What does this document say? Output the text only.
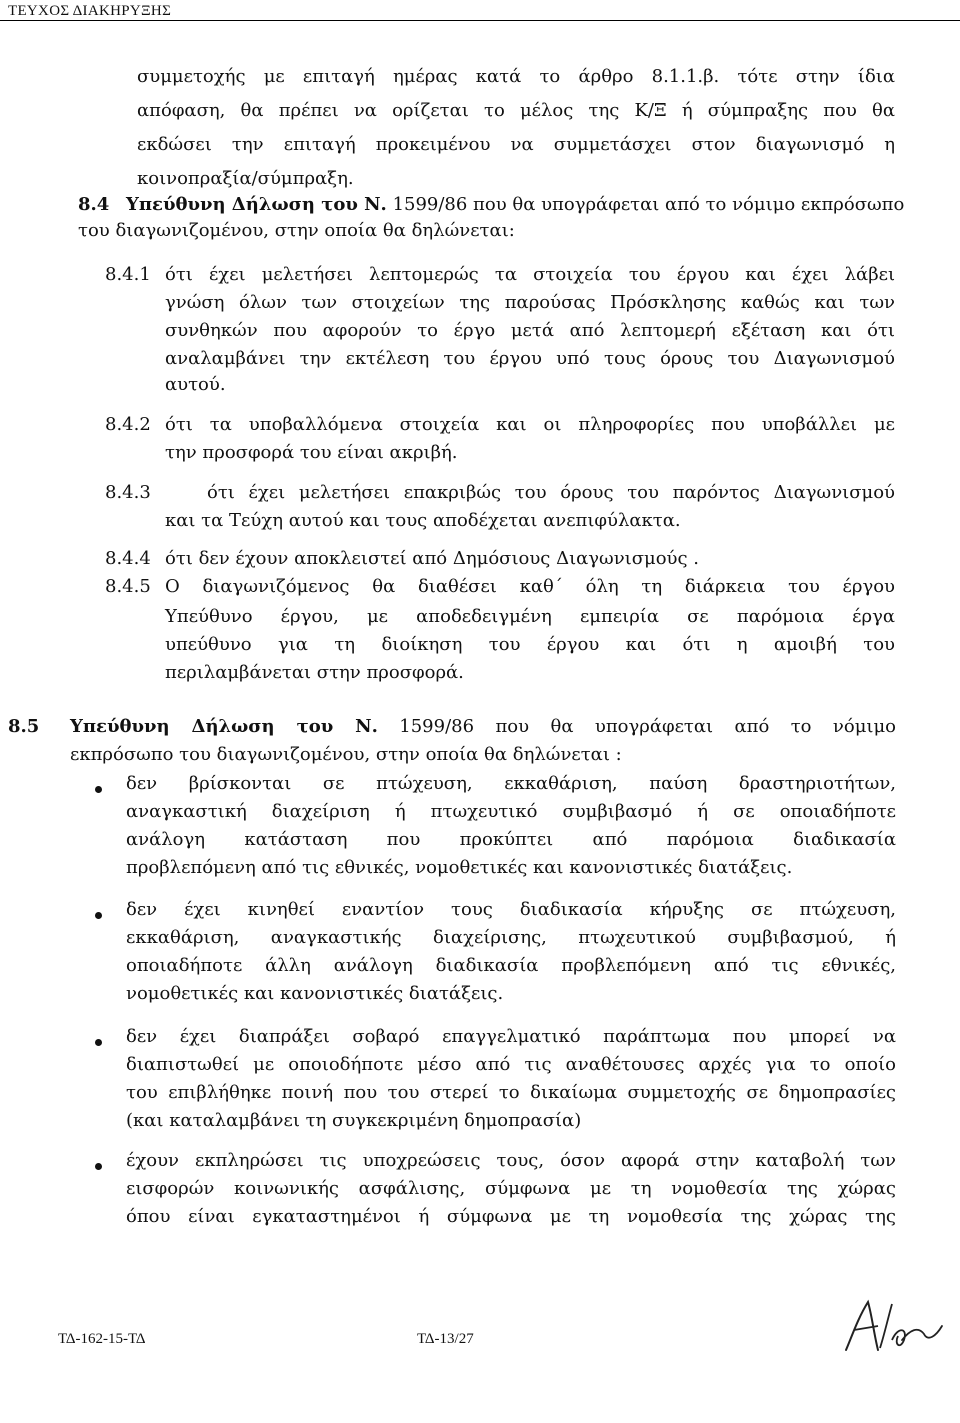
ΤΕΥΧΟΣ ΔΙΑΚΗΡΥΞΗΣ
συμμετοχής με επιταγή ημέρας κατά το άρθρο 8.1.1.β. τότε στην ίδια
απόφαση, θα πρέπει να ορίζεται το μέλος της Κ/Ξ ή σύμπραξης που θα
εκδώσει την επιταγή προκειμένου να συμμετάσχει στον διαγωνισμό η
κοινοπραξία/σύμπραξη.
8.4 Υπεύθυνη Δήλωση του Ν. 1599/86 που θα υπογράφεται από το νόμιμο εκπρόσωπο
του διαγωνιζομένου, στην οποία θα δηλώνεται:
8.4.1 ότι έχει μελετήσει λεπτομερώς τα στοιχεία του έργου και έχει λάβει
γνώση όλων των στοιχείων της παρούσας Πρόσκλησης καθώς και των
συνθηκών που αφορούν το έργο μετά από λεπτομερή εξέταση και ότι
αναλαμβάνει την εκτέλεση του έργου υπό τους όρους του Διαγωνισμού
αυτού.
8.4.2 ότι τα υποβαλλόμενα στοιχεία και οι πληροφορίες που υποβάλλει με
την προσφορά του είναι ακριβή.
8.4.3	ότι έχει μελετήσει επακριβώς του όρους του παρόντος Διαγωνισμού
και τα Τεύχη αυτού και τους αποδέχεται ανεπιφύλακτα.
8.4.4 ότι δεν έχουν αποκλειστεί από Δημόσιους Διαγωνισμούς .
8.4.5 Ο διαγωνιζόμενος θα διαθέσει καθ΄ όλη τη διάρκεια του έργου
Υπεύθυνο έργου, με αποδεδειγμένη εμπειρία σε παρόμοια έργα
υπεύθυνο για τη διοίκηση του έργου και ότι η αμοιβή του
περιλαμβάνεται στην προσφορά.
8.5 Υπεύθυνη Δήλωση του Ν. 1599/86 που θα υπογράφεται από το νόμιμο
εκπρόσωπο του διαγωνιζομένου, στην οποία θα δηλώνεται :
δεν βρίσκονται σε πτώχευση, εκκαθάριση, παύση δραστηριοτήτων,
αναγκαστική διαχείριση ή πτωχευτικό συμβιβασμό ή σε οποιαδήποτε
ανάλογη κατάσταση που προκύπτει από παρόμοια διαδικασία
προβλεπόμενη από τις εθνικές, νομοθετικές και κανονιστικές διατάξεις.
δεν έχει κινηθεί εναντίον τους διαδικασία κήρυξης σε πτώχευση,
εκκαθάριση, αναγκαστικής διαχείρισης, πτωχευτικού συμβιβασμού, ή
οποιαδήποτε άλλη ανάλογη διαδικασία προβλεπόμενη από τις εθνικές,
νομοθετικές και κανονιστικές διατάξεις.
δεν έχει διαπράξει σοβαρό επαγγελματικό παράπτωμα που μπορεί να
διαπιστωθεί με οποιοδήποτε μέσο από τις αναθέτουσες αρχές για το οποίο
του επιβλήθηκε ποινή που του στερεί το δικαίωμα συμμετοχής σε δημοπρασίες
(και καταλαμβάνει τη συγκεκριμένη δημοπρασία)
έχουν εκπληρώσει τις υποχρεώσεις τους, όσον αφορά στην καταβολή των
εισφορών κοινωνικής ασφάλισης, σύμφωνα με τη νομοθεσία της χώρας
όπου είναι εγκαταστημένοι ή σύμφωνα με τη νομοθεσία της χώρας της
ΤΔ-162-15-ΤΔ	ΤΔ-13/27
